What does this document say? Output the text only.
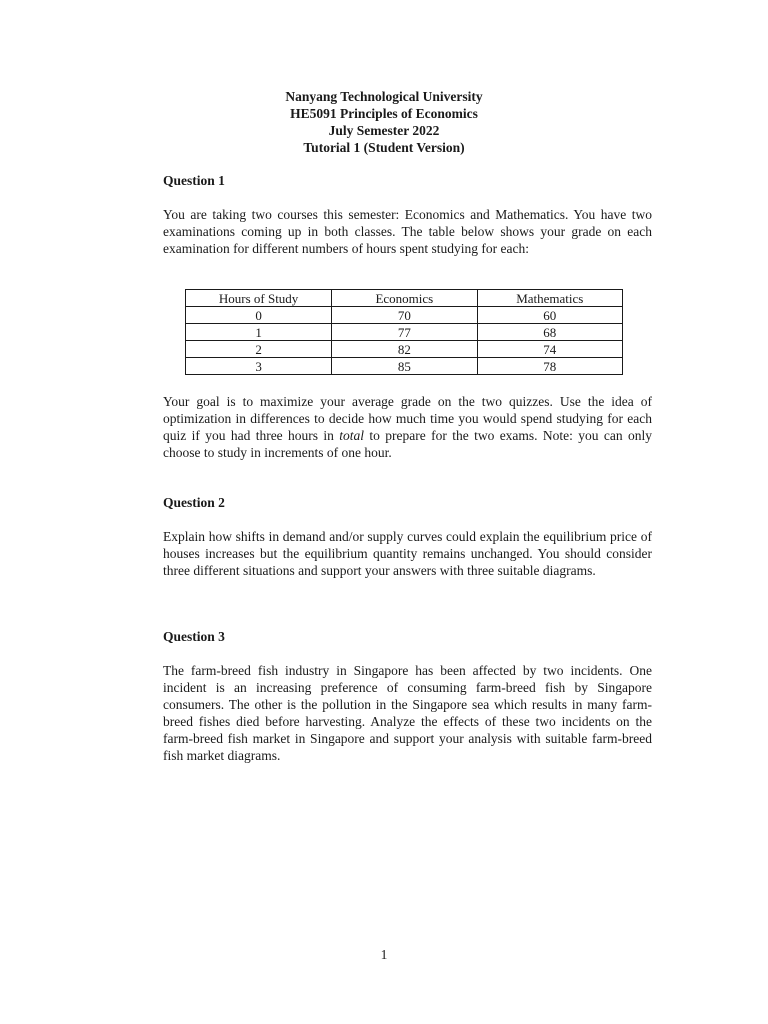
Nanyang Technological University
HE5091 Principles of Economics
July Semester 2022
Tutorial 1 (Student Version)
Question 1
You are taking two courses this semester: Economics and Mathematics. You have two examinations coming up in both classes. The table below shows your grade on each examination for different numbers of hours spent studying for each:
Hours of Study	Economics	Mathematics
0	70	60
1	77	68
2	82	74
3	85	78
Your goal is to maximize your average grade on the two quizzes. Use the idea of optimization in differences to decide how much time you would spend studying for each quiz if you had three hours in total to prepare for the two exams. Note: you can only choose to study in increments of one hour.
Question 2
Explain how shifts in demand and/or supply curves could explain the equilibrium price of houses increases but the equilibrium quantity remains unchanged. You should consider three different situations and support your answers with three suitable diagrams.
Question 3
The farm-breed fish industry in Singapore has been affected by two incidents. One incident is an increasing preference of consuming farm-breed fish by Singapore consumers. The other is the pollution in the Singapore sea which results in many farm-breed fishes died before harvesting. Analyze the effects of these two incidents on the farm-breed fish market in Singapore and support your analysis with suitable farm-breed fish market diagrams.
1
